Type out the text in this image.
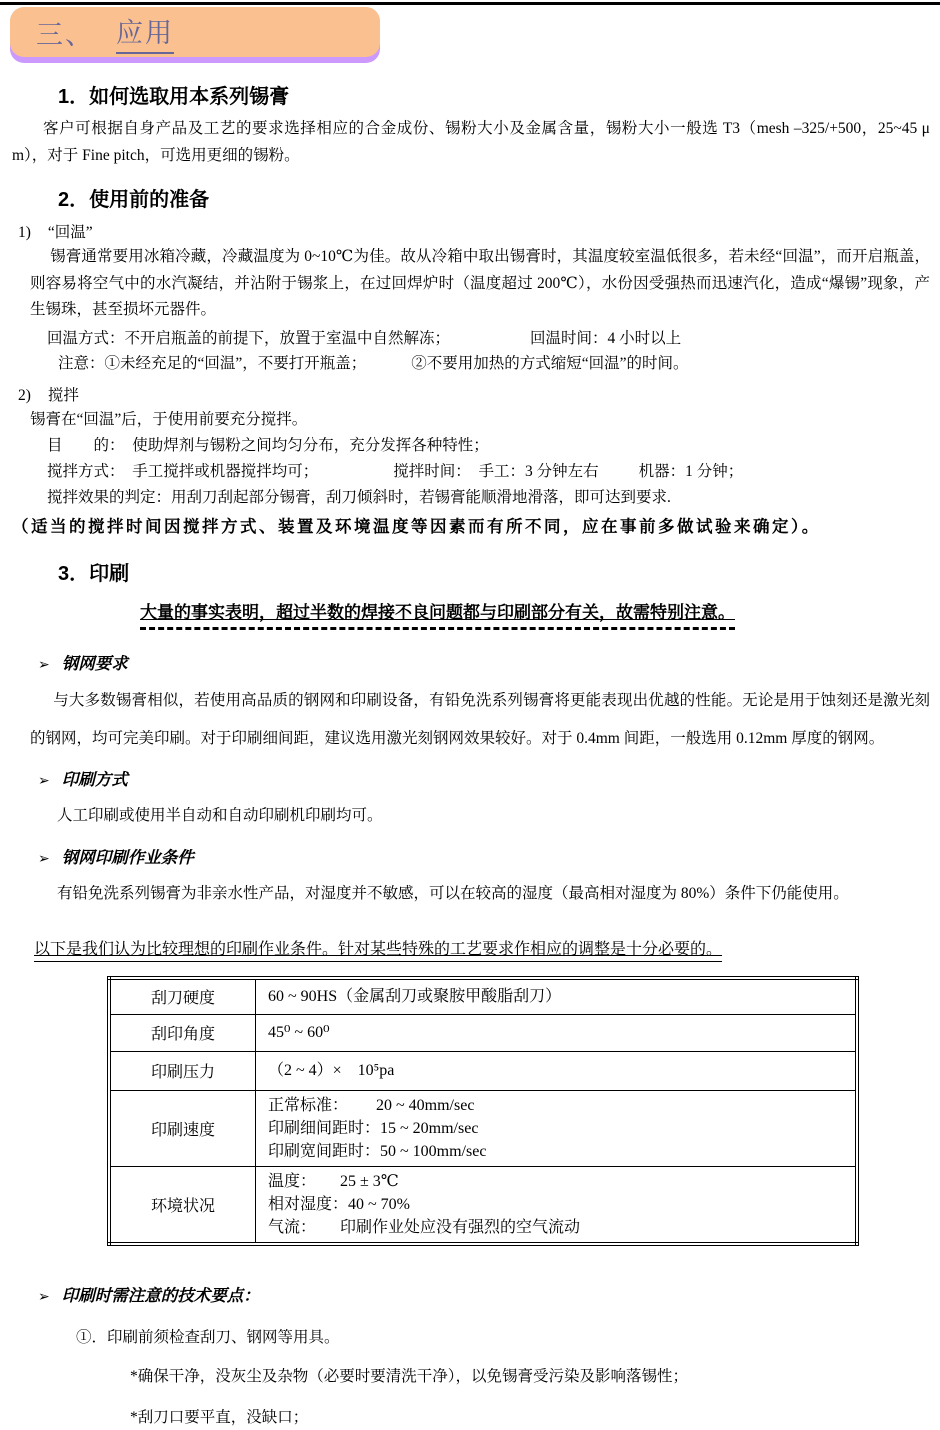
三、 应用
1．如何选取用本系列锡膏
客户可根据自身产品及工艺的要求选择相应的合金成份、锡粉大小及金属含量，锡粉大小一般选 T3（mesh –325/+500，25~45 μ m），对于 Fine pitch，可选用更细的锡粉。
2．使用前的准备
1) “回温”
锡膏通常要用冰箱冷藏，冷藏温度为 0~10℃为佳。故从冷箱中取出锡膏时，其温度较室温低很多，若未经“回温”，而开启瓶盖，则容易将空气中的水汽凝结，并沾附于锡浆上，在过回焊炉时（温度超过 200℃），水份因受强热而迅速汽化，造成“爆锡”现象，产生锡珠，甚至损坏元器件。
回温方式：不开启瓶盖的前提下，放置于室温中自然解冻；	回温时间：4 小时以上
注意：①未经充足的“回温”，不要打开瓶盖；	②不要用加热的方式缩短“回温”的时间。
2) 搅拌
锡膏在“回温”后，于使用前要充分搅拌。
目　　的：　使助焊剂与锡粉之间均匀分布，充分发挥各种特性；
搅拌方式：　手工搅拌或机器搅拌均可；	搅拌时间：　手工：3 分钟左右	机器：1 分钟；
搅拌效果的判定：用刮刀刮起部分锡膏，刮刀倾斜时，若锡膏能顺滑地滑落，即可达到要求.
（适当的搅拌时间因搅拌方式、装置及环境温度等因素而有所不同，应在事前多做试验来确定）。
3．印刷
大量的事实表明，超过半数的焊接不良问题都与印刷部分有关，故需特别注意。
➢ 钢网要求
与大多数锡膏相似，若使用高品质的钢网和印刷设备，有铅免洗系列锡膏将更能表现出优越的性能。无论是用于蚀刻还是激光刻的钢网，均可完美印刷。对于印刷细间距，建议选用激光刻钢网效果较好。对于 0.4mm 间距，一般选用 0.12mm 厚度的钢网。
➢ 印刷方式
人工印刷或使用半自动和自动印刷机印刷均可。
➢ 钢网印刷作业条件
有铅免洗系列锡膏为非亲水性产品，对湿度并不敏感，可以在较高的湿度（最高相对湿度为 80%）条件下仍能使用。
以下是我们认为比较理想的印刷作业条件。针对某些特殊的工艺要求作相应的调整是十分必要的。
刮刀硬度	60 ~ 90HS（金属刮刀或聚胺甲酸脂刮刀）

刮印角度	45⁰ ~ 60⁰

印刷压力	（2 ~ 4）×　10⁵pa

印刷速度	正常标准：　　 20 ~ 40mm/sec
印刷细间距时：15 ~ 20mm/sec
印刷宽间距时：50 ~ 100mm/sec

环境状况	温度：　　25 ± 3℃
相对湿度：40 ~ 70%
气流：　　印刷作业处应没有强烈的空气流动
➢ 印刷时需注意的技术要点：
①．印刷前须检查刮刀、钢网等用具。
*确保干净，没灰尘及杂物（必要时要清洗干净），以免锡膏受污染及影响落锡性；
*刮刀口要平直，没缺口；
